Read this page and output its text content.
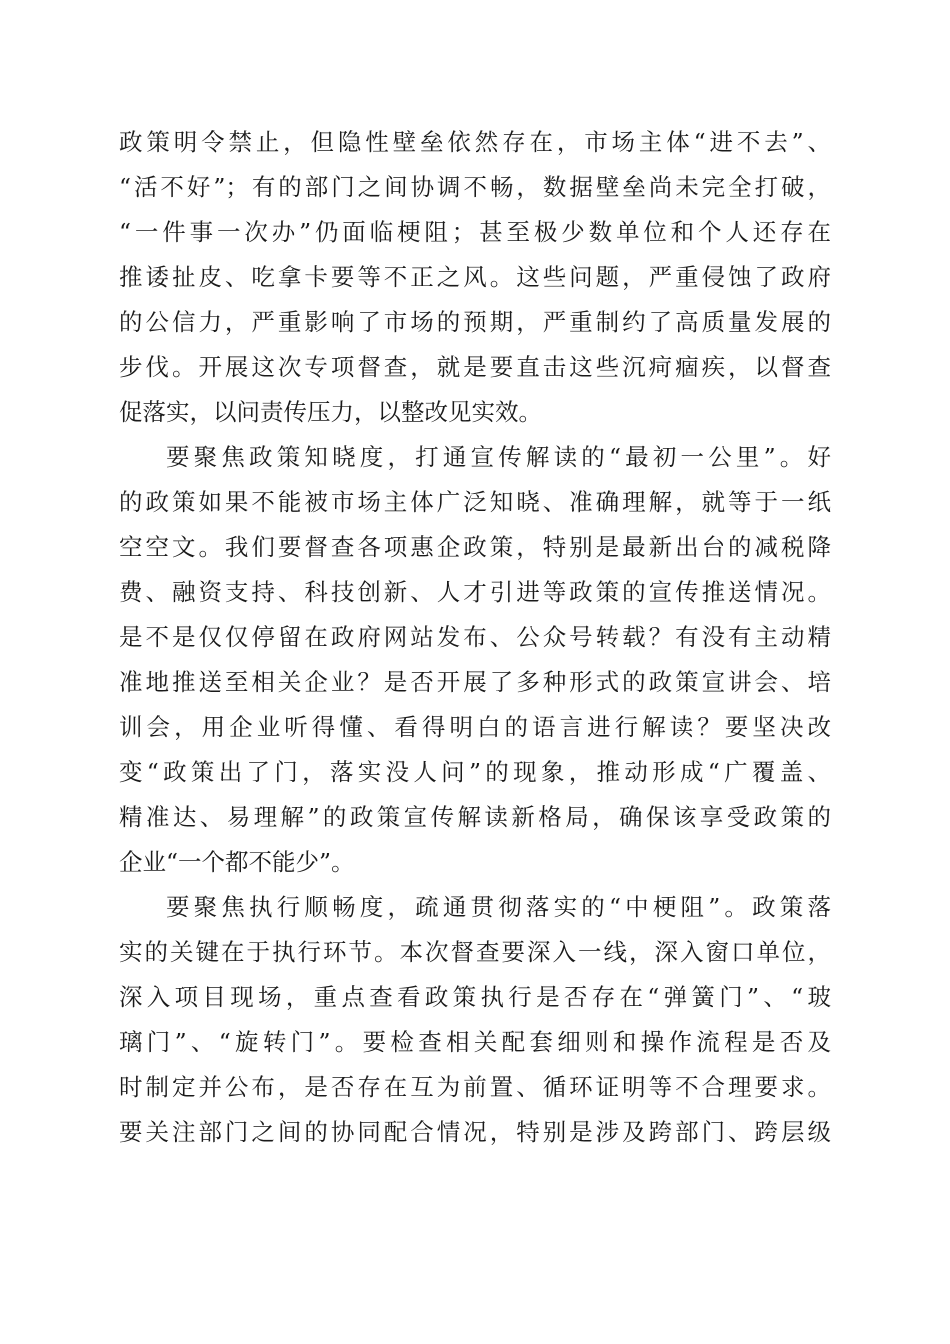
政策明令禁止，但隐性壁垒依然存在，市场主体“进不去”、
“活不好”；有的部门之间协调不畅，数据壁垒尚未完全打破，
“一件事一次办”仍面临梗阻；甚至极少数单位和个人还存在
推诿扯皮、吃拿卡要等不正之风。这些问题，严重侵蚀了政府
的公信力，严重影响了市场的预期，严重制约了高质量发展的
步伐。开展这次专项督查，就是要直击这些沉疴痼疾，以督查
促落实，以问责传压力，以整改见实效。
要聚焦政策知晓度，打通宣传解读的“最初一公里”。好
的政策如果不能被市场主体广泛知晓、准确理解，就等于一纸
空空文。我们要督查各项惠企政策，特别是最新出台的减税降
费、融资支持、科技创新、人才引进等政策的宣传推送情况。
是不是仅仅停留在政府网站发布、公众号转载？有没有主动精
准地推送至相关企业？是否开展了多种形式的政策宣讲会、培
训会，用企业听得懂、看得明白的语言进行解读？要坚决改
变“政策出了门，落实没人问”的现象，推动形成“广覆盖、
精准达、易理解”的政策宣传解读新格局，确保该享受政策的
企业“一个都不能少”。
要聚焦执行顺畅度，疏通贯彻落实的“中梗阻”。政策落
实的关键在于执行环节。本次督查要深入一线，深入窗口单位，
深入项目现场，重点查看政策执行是否存在“弹簧门”、“玻
璃门”、“旋转门”。要检查相关配套细则和操作流程是否及
时制定并公布，是否存在互为前置、循环证明等不合理要求。
要关注部门之间的协同配合情况，特别是涉及跨部门、跨层级
